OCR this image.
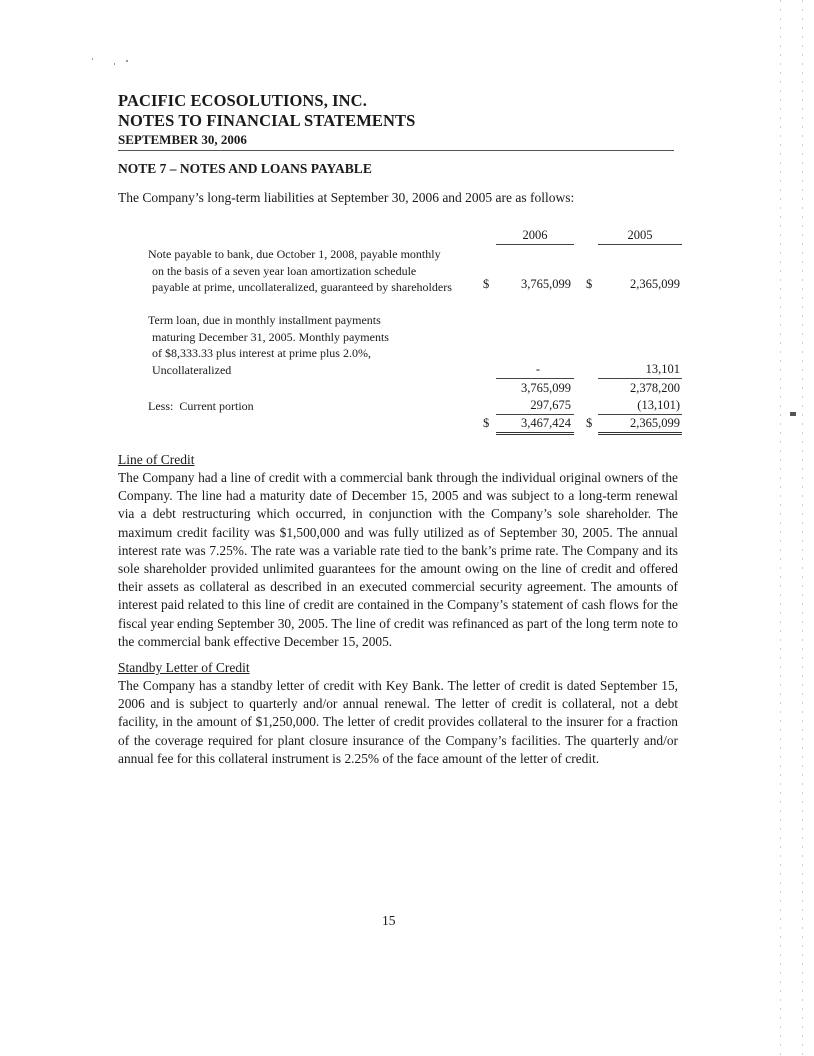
PACIFIC ECOSOLUTIONS, INC.
NOTES TO FINANCIAL STATEMENTS
SEPTEMBER 30, 2006
NOTE 7 – NOTES AND LOANS PAYABLE
The Company’s long-term liabilities at September 30, 2006 and 2005 are as follows:
2006	2005
Note payable to bank, due October 1, 2008, payable monthly
on the basis of a seven year loan amortization schedule
payable at prime, uncollateralized, guaranteed by shareholders $	3,765,099 $	2,365,099
Term loan, due in monthly installment payments
maturing December 31, 2005. Monthly payments
of $8,333.33 plus interest at prime plus 2.0%,
Uncollateralized	-	13,101
3,765,099	2,378,200
Less:  Current portion	297,675	(13,101)
$	3,467,424 $	2,365,099
Line of Credit
The Company had a line of credit with a commercial bank through the individual original owners of the Company. The line had a maturity date of December 15, 2005 and was subject to a long-term renewal via a debt restructuring which occurred, in conjunction with the Company’s sole shareholder. The maximum credit facility was $1,500,000 and was fully utilized as of September 30, 2005. The annual interest rate was 7.25%. The rate was a variable rate tied to the bank’s prime rate. The Company and its sole shareholder provided unlimited guarantees for the amount owing on the line of credit and offered their assets as collateral as described in an executed commercial security agreement. The amounts of interest paid related to this line of credit are contained in the Company’s statement of cash flows for the fiscal year ending September 30, 2005. The line of credit was refinanced as part of the long term note to the commercial bank effective December 15, 2005.
Standby Letter of Credit
The Company has a standby letter of credit with Key Bank. The letter of credit is dated September 15, 2006 and is subject to quarterly and/or annual renewal. The letter of credit is collateral, not a debt facility, in the amount of $1,250,000. The letter of credit provides collateral to the insurer for a fraction of the coverage required for plant closure insurance of the Company’s facilities. The quarterly and/or annual fee for this collateral instrument is 2.25% of the face amount of the letter of credit.
15
